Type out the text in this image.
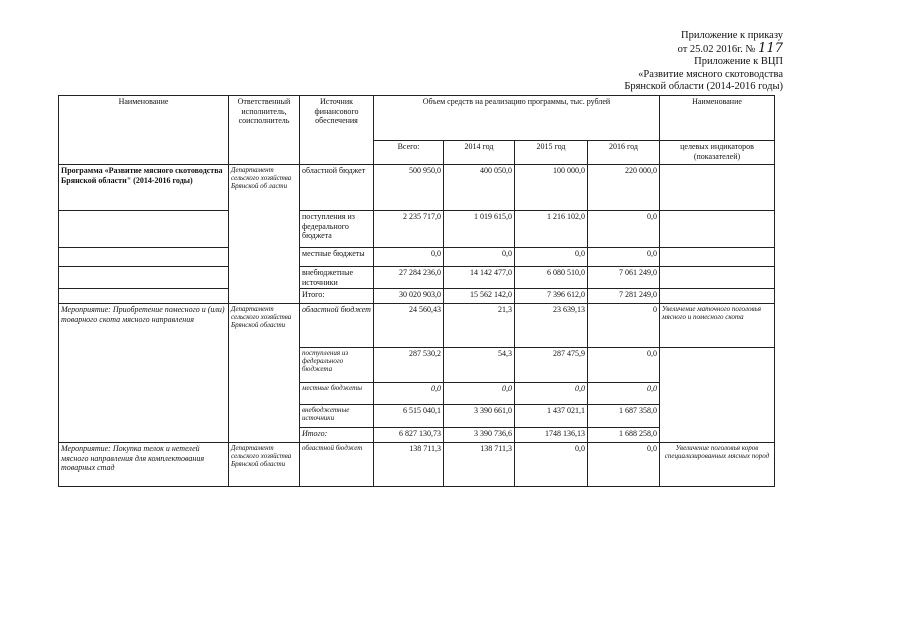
Приложение к приказу
от 25.02 2016г. № 117
Приложение к ВЦП
«Развитие мясного скотоводства
Брянской области (2014-2016 годы)
Наименование	Ответственный исполнитель, соисполнитель	Источник финансового обеспечения	Объем средств на реализацию программы, тыс. рублей				Наименование
			Всего:	2014 год	2015 год	2016 год	целевых индикаторов (показателей)
Программа «Развитие мясного скотоводства Брянской области" (2014-2016 годы)	Департамент сельского хозяйства Брянской об ласти	областной бюджет	500 950,0	400 050,0	100 000,0	220 000,0	
		поступления из федерального бюджета	2 235 717,0	1 019 615,0	1 216 102,0	0,0	
		местные бюджеты	0,0	0,0	0,0	0,0	
		внебюджетные источники	27 284 236,0	14 142 477,0	6 080 510,0	7 061 249,0	
		Итого:	30 020 903,0	15 562 142,0	7 396 612,0	7 281 249,0	
Мероприятие: Приобретение помесного и (или) товарного скота мясного направления	Департамент сельского хозяйства Брянской области	областной бюджет	24 560,43	21,3	23 639,13	0	Увеличение маточного поголовья мясного и помесного скота
		поступления из федерального бюджета	287 530,2	54,3	287 475,9	0,0	
		местные бюджеты	0,0	0,0	0,0	0,0	
		внебюджетные источники	6 515 040,1	3 390 661,0	1 437 021,1	1 687 358,0	
		Итого:	6 827 130,73	3 390 736,6	1748 136,13	1 688 258,0	
Мероприятие: Покупка телок и нетелей мясного направления для комплектования товарных стад	Департамент сельского хозяйства Брянской области	областной бюджет	138 711,3	138 711,3	0,0	0,0	Увеличение поголовья коров специализированных мясных пород
